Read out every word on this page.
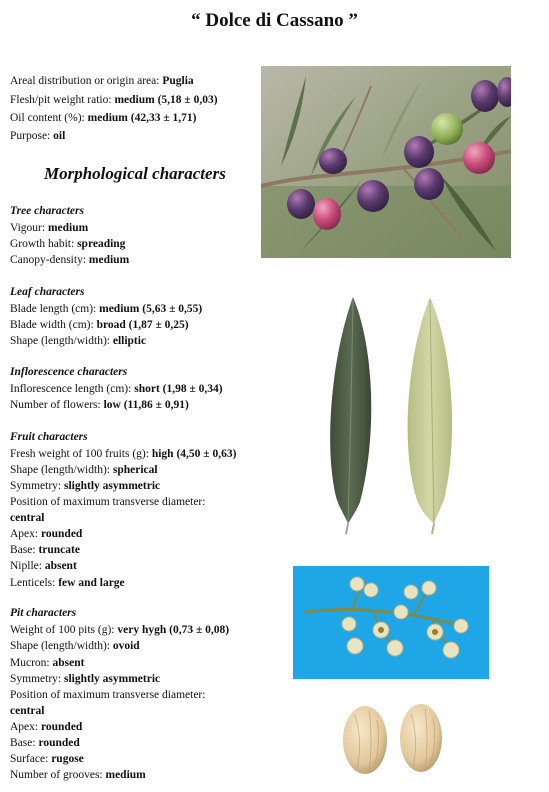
“ Dolce di Cassano ”
Areal distribution or origin area: Puglia
Flesh/pit weight ratio: medium (5,18 ± 0,03)
Oil content (%): medium (42,33 ± 1,71)
Purpose: oil
Morphological characters
Tree characters
Vigour: medium
Growth habit: spreading
Canopy-density: medium
Leaf characters
Blade length (cm): medium (5,63 ± 0,55)
Blade width (cm): broad (1,87 ± 0,25)
Shape (length/width): elliptic
Inflorescence characters
Inflorescence length (cm): short (1,98 ± 0,34)
Number of flowers: low (11,86 ± 0,91)
Fruit characters
Fresh weight of 100 fruits (g): high (4,50 ± 0,63)
Shape (length/width): spherical
Symmetry: slightly asymmetric
Position of maximum transverse diameter:
central
Apex: rounded
Base: truncate
Niplle: absent
Lenticels: few and large
Pit characters
Weight of 100 pits (g): very hygh (0,73 ± 0,08)
Shape (length/width): ovoid
Mucron: absent
Symmetry: slightly asymmetric
Position of maximum transverse diameter:
central
Apex: rounded
Base: rounded
Surface: rugose
Number of grooves: medium
